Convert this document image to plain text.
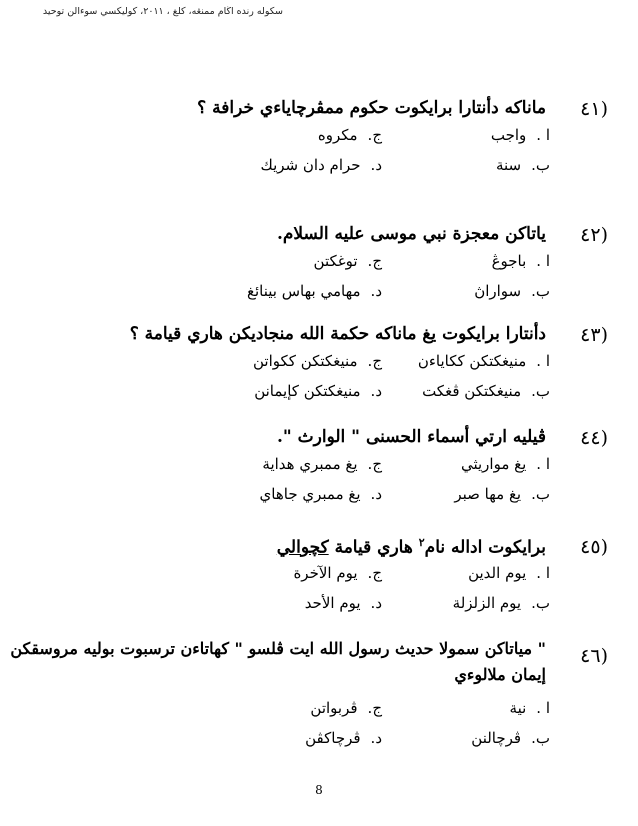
سکوله رنده اڬام ممنڠه، کلغ ، ٢٠١١، کوليکسي سوءالن توحيد
(٤١
ماناکه دأنتارا برايکوت حکوم ممڤرچاياءي خرافة ؟
ا .واجب
ب.سنة
ج.مکروه
د.حرام دان شريك
(٤٢
ياتاکن معجزة نبي موسى عليه السلام.
ا .باجوڠ
ب.سواراڽ
ج.توغکتن
د.مهامي بهاس بينائغ
(٤٣
دأنتارا برايکوت يغ ماناکه حکمة الله منجاديکن هاري قيامة ؟
ا .منيغکتکن ککاياءن
ب.منيغکتکن ڤغکت
ج.منيغکتکن ککواتن
د.منيغکتکن کإيمانن
(٤٤
ڤيليه ارتي أسماء الحسنى " الوارث ".
ا .يغ مواريثي
ب.يغ مها صبر
ج.يغ ممبري هداية
د.يغ ممبري جاهاي
(٤٥
برايکوت اداله نام$^٢$ هاري قيامة کچوالي
ا .يوم الدين
ب.يوم الزلزلة
ج.يوم الآخرة
د.يوم الأحد
(٤٦
" مياتاکن سمولا حديث رسول الله ايت ڤلسو " کهاتاءن ترسبوت بوليه مروسقکن
إيمان ملالوءي
ا .نية
ب.ڤرچالنن
ج.ڤربواتن
د.ڤرچاکڤن
8
